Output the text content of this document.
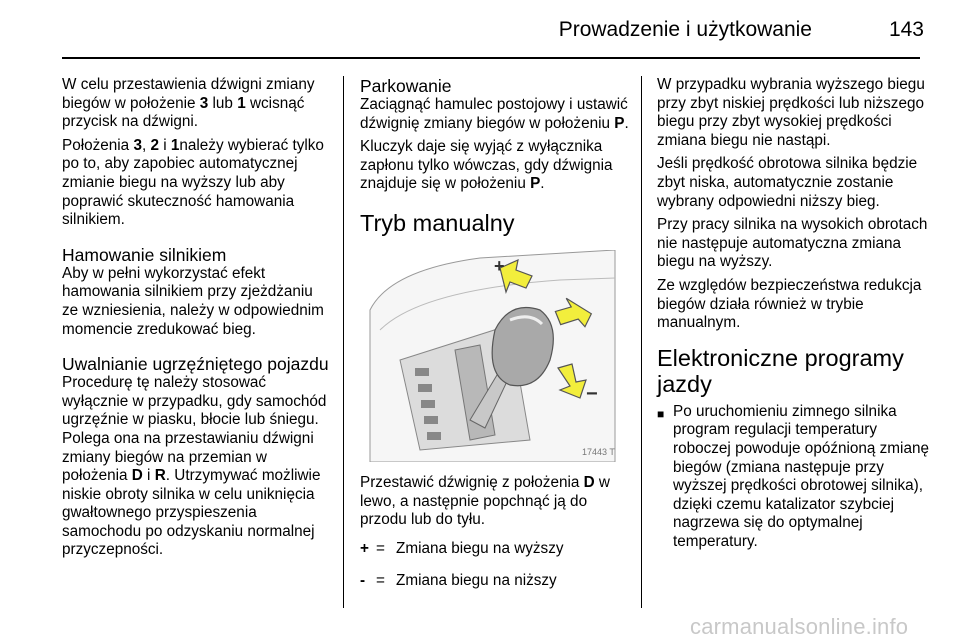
Prowadzenie i użytkowanie	143

W celu przestawienia dźwigni zmiany biegów w położenie 3 lub 1 wcisnąć przycisk na dźwigni.

Położenia 3, 2 i 1należy wybierać tylko po to, aby zapobiec automatycznej zmianie biegu na wyższy lub aby poprawić skuteczność hamowania silnikiem.

Hamowanie silnikiem

Aby w pełni wykorzystać efekt hamowania silnikiem przy zjeżdżaniu ze wzniesienia, należy w odpowiednim momencie zredukować bieg.

Uwalnianie ugrzęźniętego pojazdu

Procedurę tę należy stosować wyłącznie w przypadku, gdy samochód ugrzęźnie w piasku, błocie lub śniegu. Polega ona na przestawianiu dźwigni zmiany biegów na przemian w położenia D i R. Utrzymywać możliwie niskie obroty silnika w celu uniknięcia gwałtownego przyspieszenia samochodu po odzyskaniu normalnej przyczepności.

Parkowanie

Zaciągnąć hamulec postojowy i ustawić dźwignię zmiany biegów w położeniu P.

Kluczyk daje się wyjąć z wyłącznika zapłonu tylko wówczas, gdy dźwignia znajduje się w położeniu P.

Tryb manualny
+
−
17443 T

Przestawić dźwignię z położenia D w lewo, a następnie popchnąć ją do przodu lub do tyłu.

+ = Zmiana biegu na wyższy
- = Zmiana biegu na niższy

W przypadku wybrania wyższego biegu przy zbyt niskiej prędkości lub niższego biegu przy zbyt wysokiej prędkości zmiana biegu nie nastąpi.

Jeśli prędkość obrotowa silnika będzie zbyt niska, automatycznie zostanie wybrany odpowiedni niższy bieg.

Przy pracy silnika na wysokich obrotach nie następuje automatyczna zmiana biegu na wyższy.

Ze względów bezpieczeństwa redukcja biegów działa również w trybie manualnym.

Elektroniczne programy jazdy
■ Po uruchomieniu zimnego silnika program regulacji temperatury roboczej powoduje opóźnioną zmianę biegów (zmiana następuje przy wyższej prędkości obrotowej silnika), dzięki czemu katalizator szybciej nagrzewa się do optymalnej temperatury.
carmanualsonline.info
